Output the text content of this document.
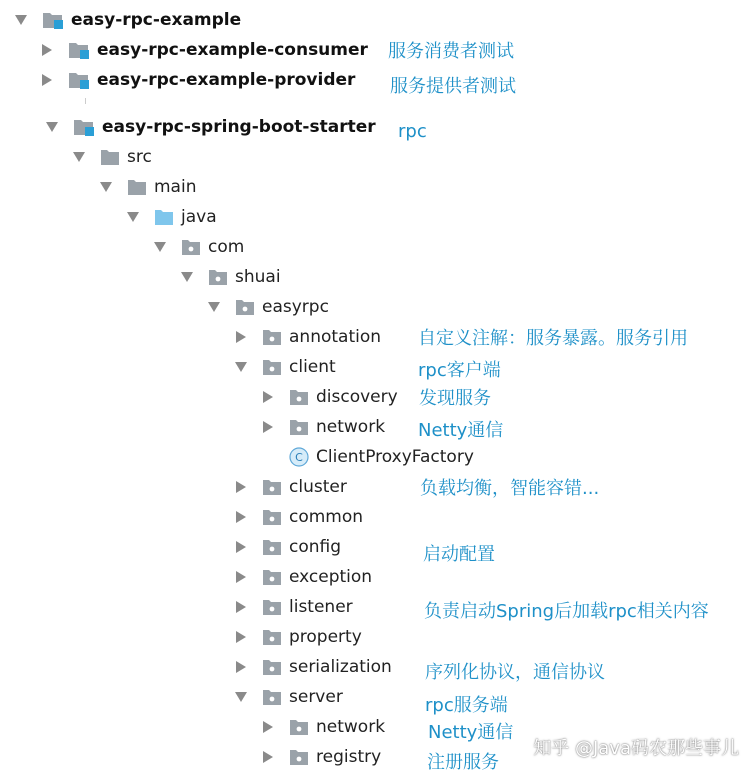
easy-rpc-example
easy-rpc-example-consumer 服务消费者测试
easy-rpc-example-provider 服务提供者测试
easy-rpc-spring-boot-starter rpc
src
main
java
com
shuai
easyrpc
annotation 自定义注解：服务暴露。服务引用
client	rpc客户端
discovery 发现服务
network Netty通信
C ClientProxyFactory
cluster	负载均衡，智能容错...
common
config	启动配置
exception
listener	负责启动Spring后加载rpc相关内容
property
serialization 序列化协议，通信协议
server	rpc服务端
network Netty通信
registry	注册服务
知乎 @Java码农那些事儿
